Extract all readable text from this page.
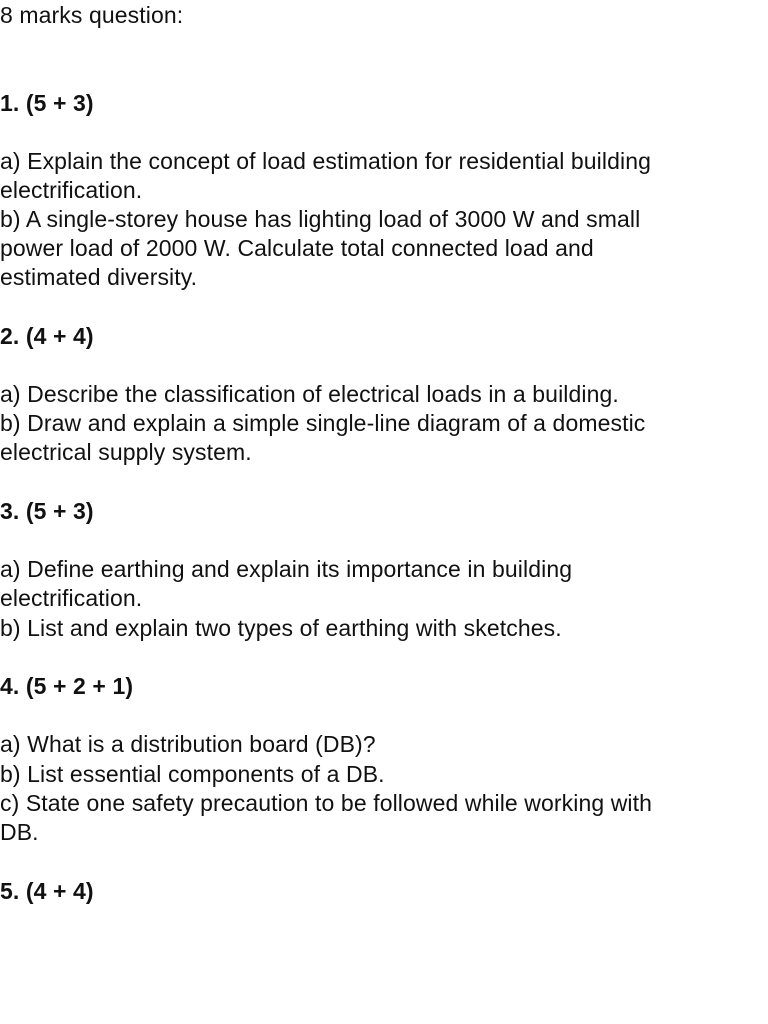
8 marks question:
1. (5 + 3)
a) Explain the concept of load estimation for residential building
electrification.
b) A single-storey house has lighting load of 3000 W and small
power load of 2000 W. Calculate total connected load and
estimated diversity.
2. (4 + 4)
a) Describe the classification of electrical loads in a building.
b) Draw and explain a simple single-line diagram of a domestic
electrical supply system.
3. (5 + 3)
a) Define earthing and explain its importance in building
electrification.
b) List and explain two types of earthing with sketches.
4. (5 + 2 + 1)
a) What is a distribution board (DB)?
b) List essential components of a DB.
c) State one safety precaution to be followed while working with
DB.
5. (4 + 4)
